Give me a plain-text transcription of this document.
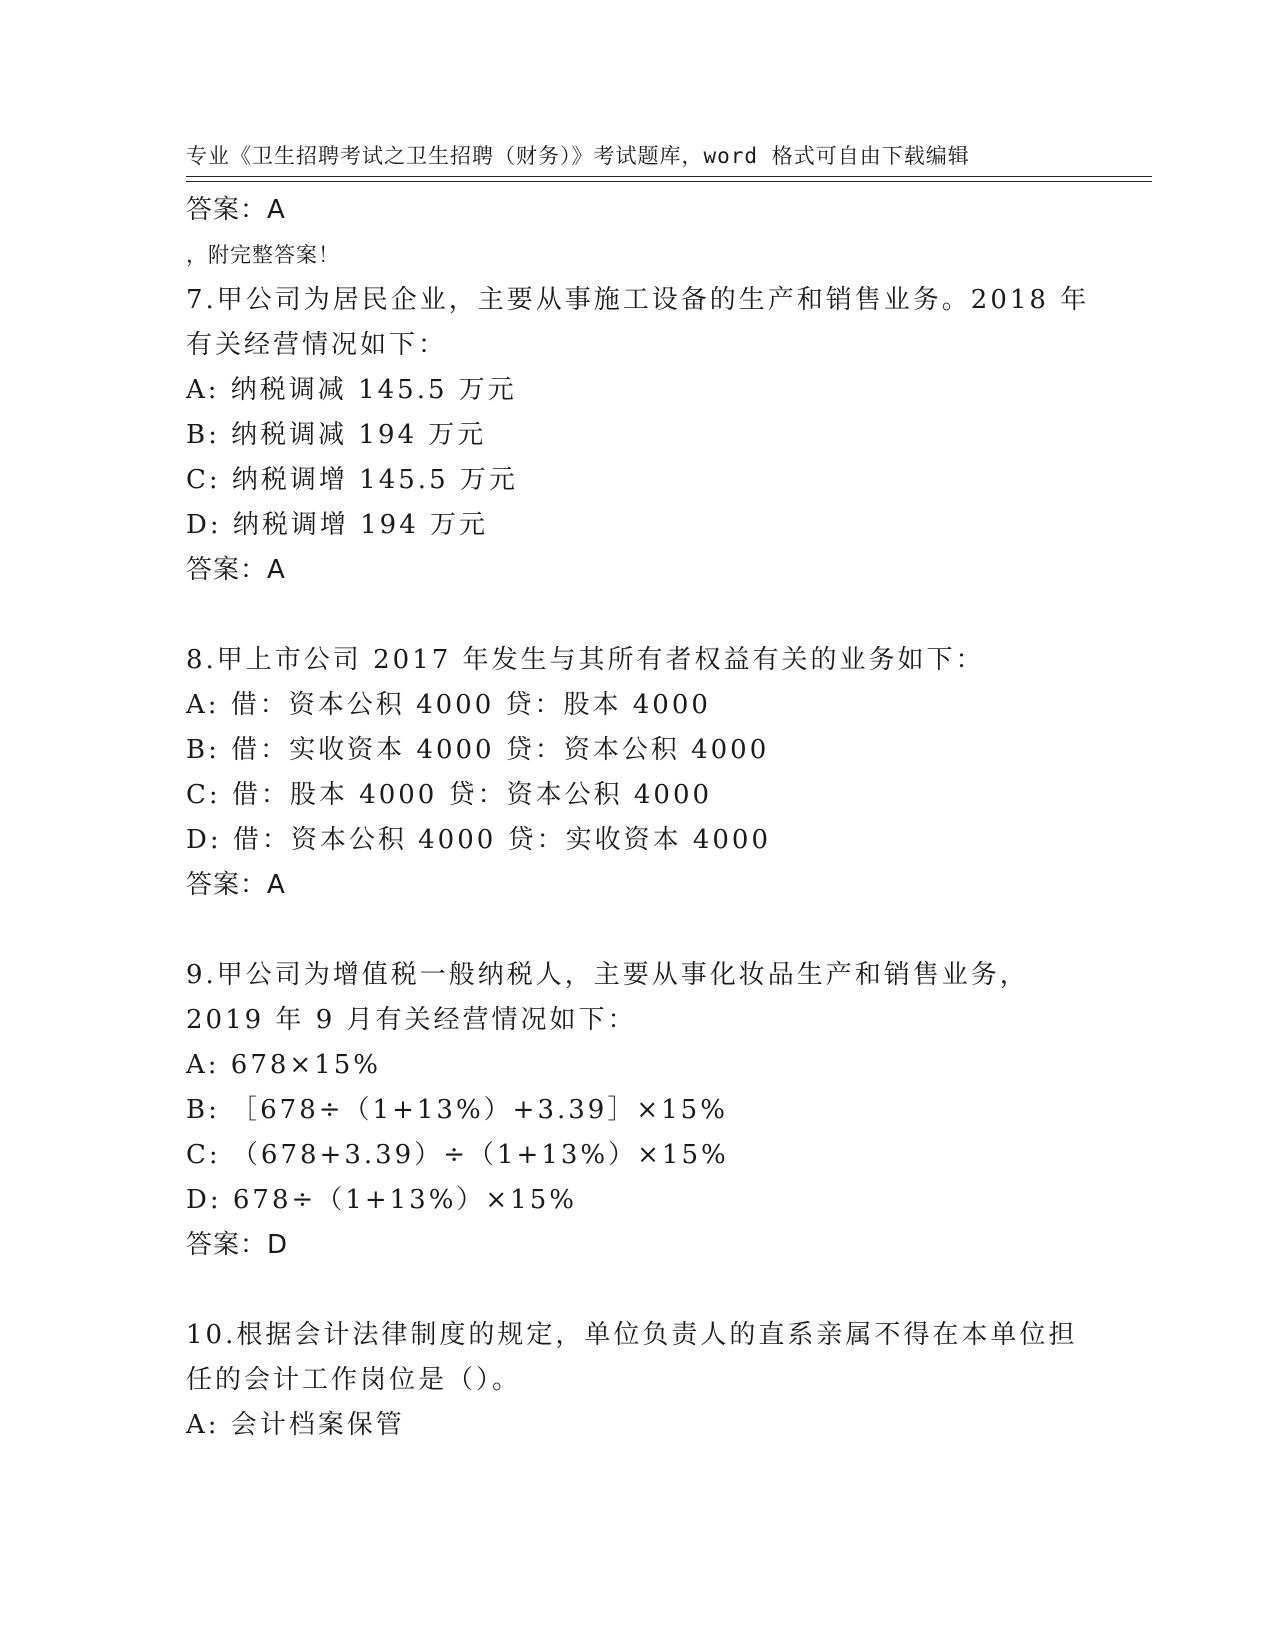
专业《卫生招聘考试之卫生招聘（财务）》考试题库，word 格式可自由下载编辑

，附完整答案！

答案：A
7.甲公司为居民企业，主要从事施工设备的生产和销售业务。2018 年
有关经营情况如下：
A: 纳税调减 145.5 万元
B: 纳税调减 194 万元
C: 纳税调增 145.5 万元
D: 纳税调增 194 万元
答案：A
8.甲上市公司 2017 年发生与其所有者权益有关的业务如下：
A: 借：资本公积 4000 贷：股本 4000
B: 借：实收资本 4000 贷：资本公积 4000
C: 借：股本 4000 贷：资本公积 4000
D: 借：资本公积 4000 贷：实收资本 4000
答案：A
9.甲公司为增值税一般纳税人，主要从事化妆品生产和销售业务，
2019 年 9 月有关经营情况如下：
A: 678×15%
B: ［678÷（1+13%）+3.39］×15%
C: （678+3.39）÷（1+13%）×15%
D: 678÷（1+13%）×15%
答案：D
10.根据会计法律制度的规定，单位负责人的直系亲属不得在本单位担
任的会计工作岗位是（）。
A: 会计档案保管
